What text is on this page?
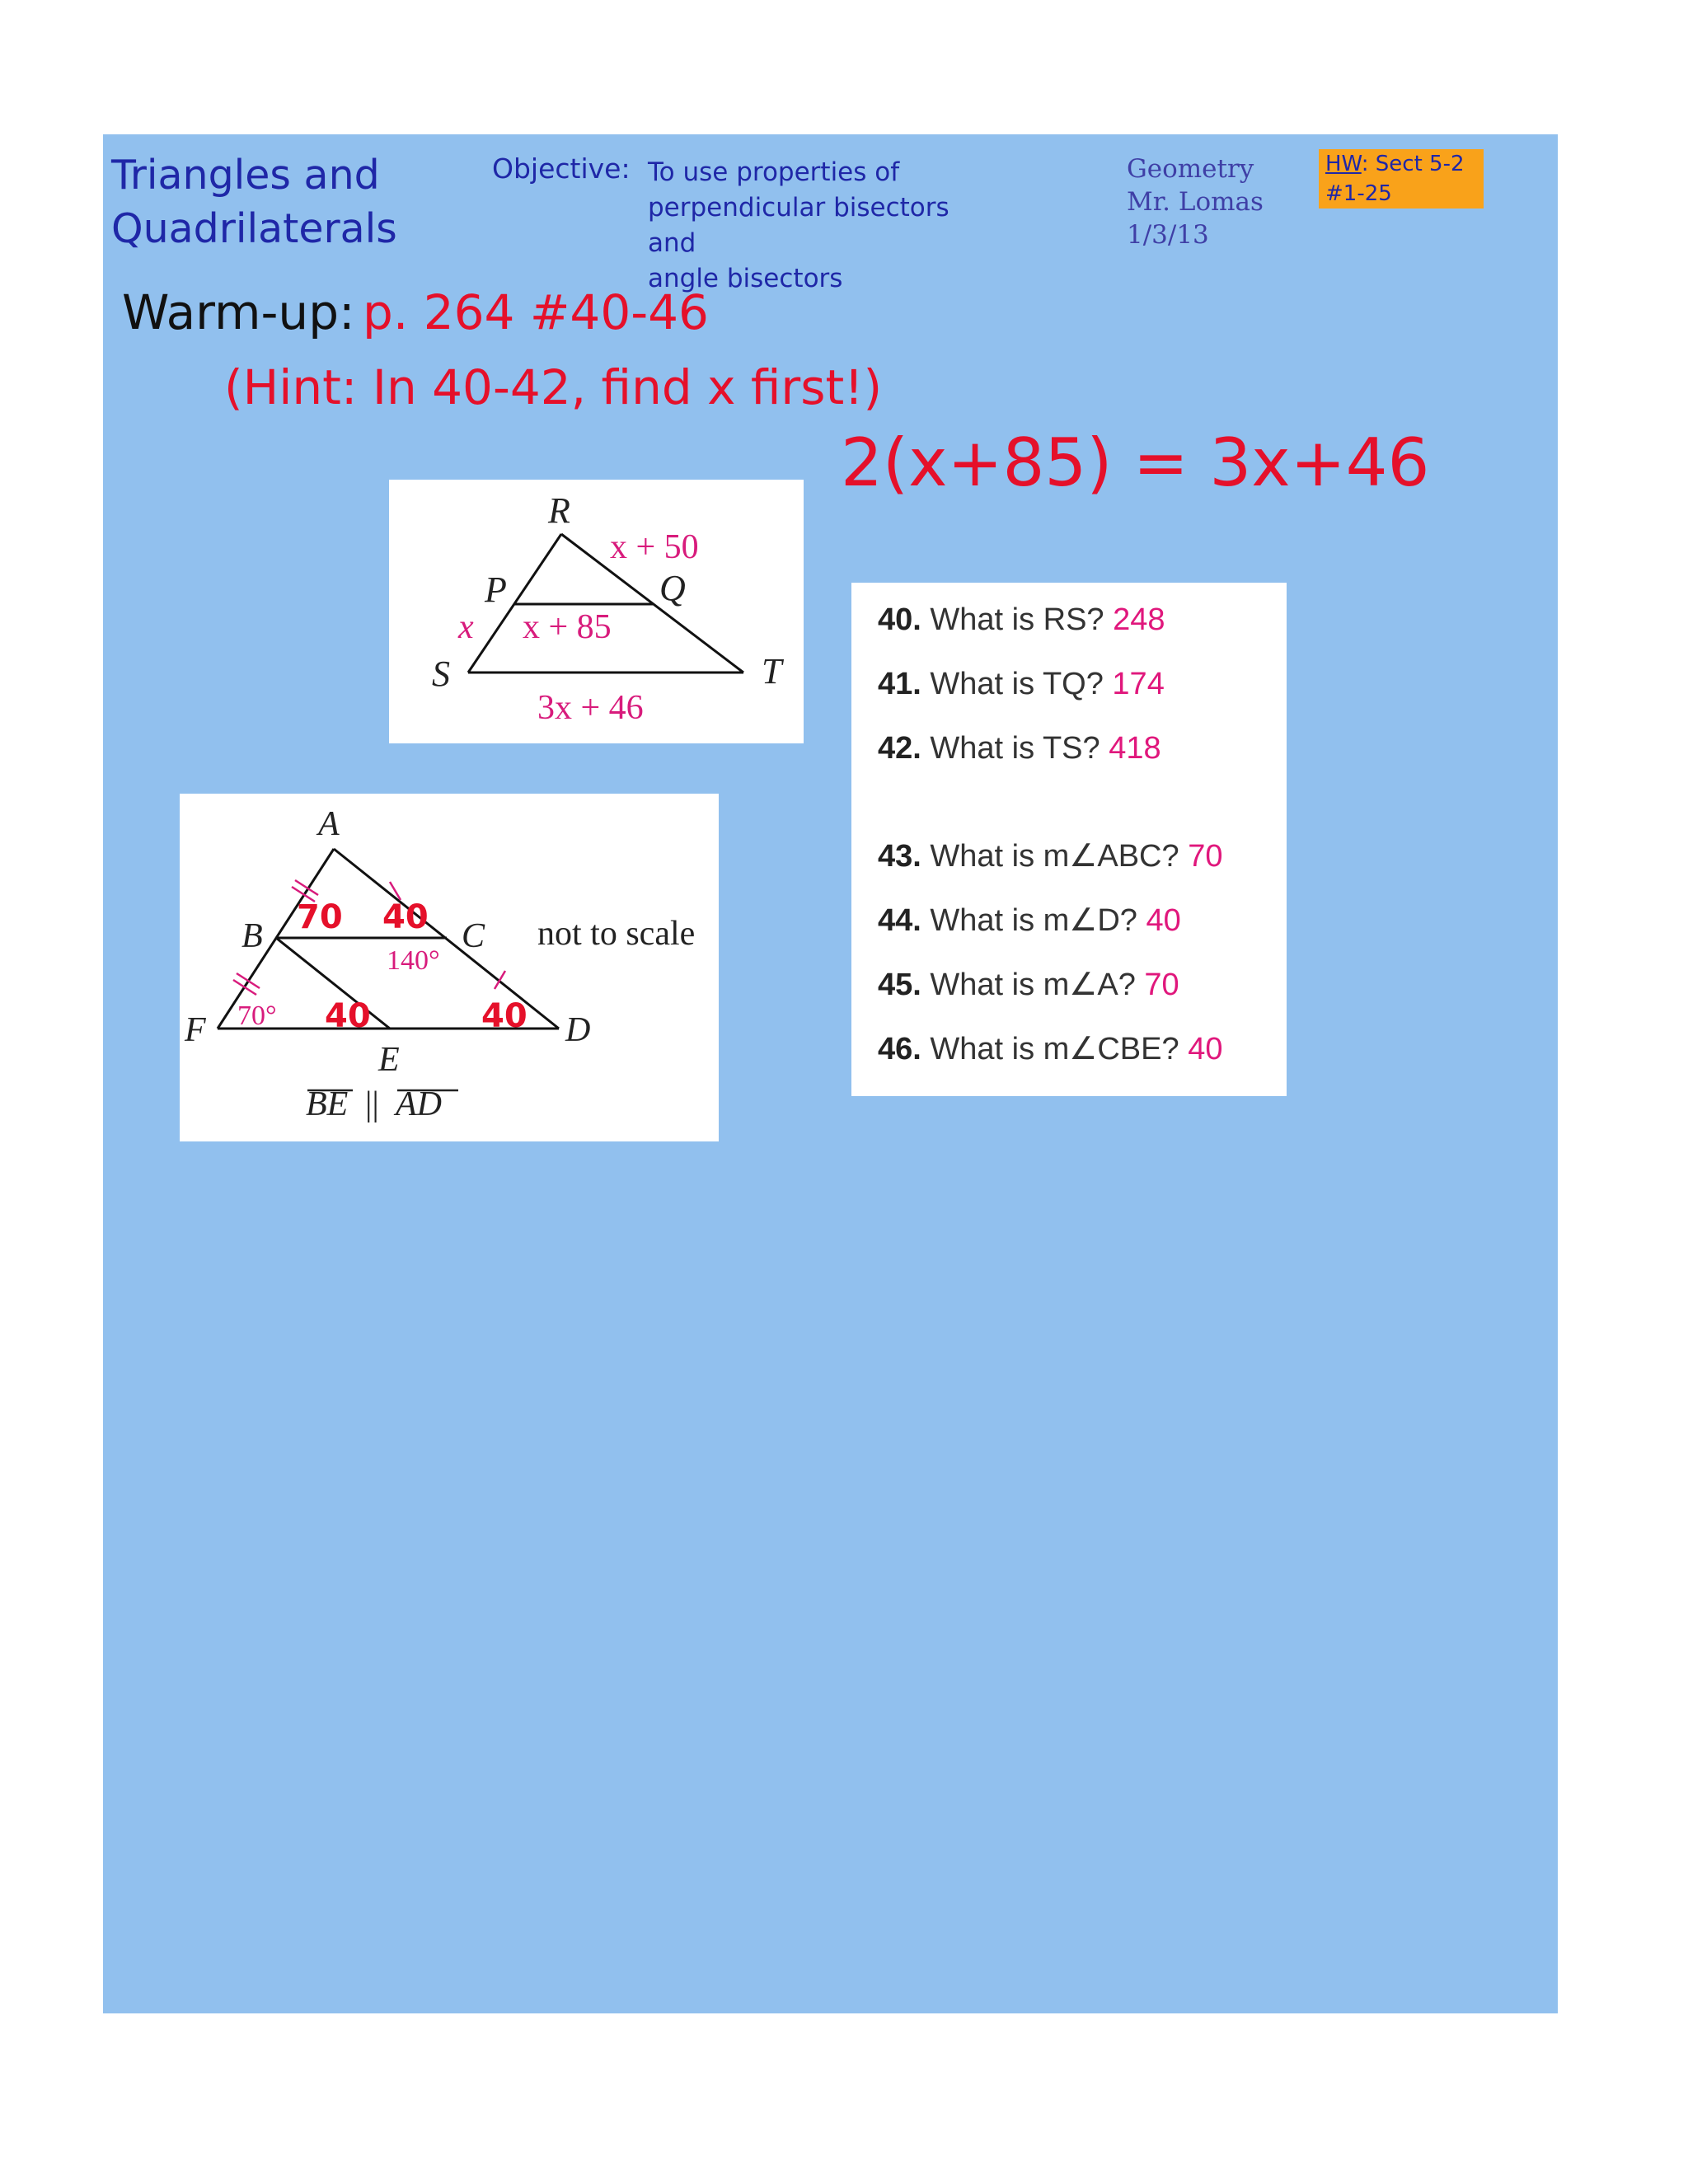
Triangles and
Quadrilaterals
Objective: To use properties of
perpendicular bisectors and
angle bisectors
Geometry
Mr. Lomas
1/3/13
HW: Sect 5-2
#1-25
Warm-up: p. 264 #40-46
(Hint: In 40-42, find x first!)
2(x+85) = 3x+46
R
P	Q
S	T
x + 50
x + 85
x
3x + 46
A
B	C
D
E
F
BE || AD
not to scale
140°
70°
70 40
40	40
40. What is RS? 248
41. What is TQ? 174
42. What is TS? 418
43. What is m∠ABC? 70
44. What is m∠D? 40
45. What is m∠A? 70
46. What is m∠CBE? 40
